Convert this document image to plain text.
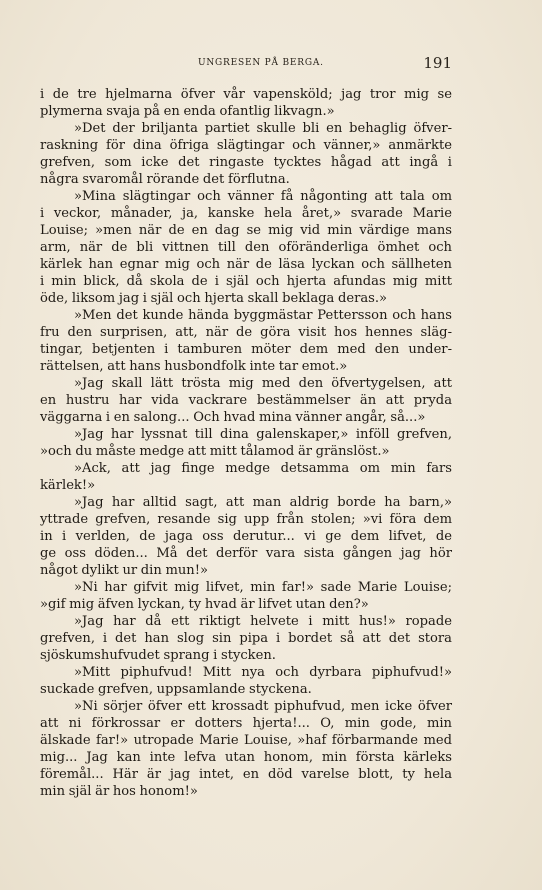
UNGRESEN PÅ BERGA.	191
i de tre hjelmarna öfver vår vapensköld; jag tror mig se
plymerna svaja på en enda ofantlig likvagn.»
»Det der briljanta partiet skulle bli en behaglig öfver-
raskning för dina öfriga slägtingar och vänner,» anmärkte
grefven, som icke det ringaste tycktes hågad att ingå i
några svaromål rörande det förflutna.
»Mina slägtingar och vänner få någonting att tala om
i veckor, månader, ja, kanske hela året,» svarade Marie
Louise; »men när de en dag se mig vid min värdige mans
arm, när de bli vittnen till den oföränderliga ömhet och
kärlek han egnar mig och när de läsa lyckan och sällheten
i min blick, då skola de i själ och hjerta afundas mig mitt
öde, liksom jag i själ och hjerta skall beklaga deras.»
»Men det kunde hända byggmästar Pettersson och hans
fru den surprisen, att, när de göra visit hos hennes släg-
tingar, betjenten i tamburen möter dem med den under-
rättelsen, att hans husbondfolk inte tar emot.»
»Jag skall lätt trösta mig med den öfvertygelsen, att
en hustru har vida vackrare bestämmelser än att pryda
väggarna i en salong... Och hvad mina vänner angår, så...»
»Jag har lyssnat till dina galenskaper,» inföll grefven,
»och du måste medge att mitt tålamod är gränslöst.»
»Ack, att jag finge medge detsamma om min fars
kärlek!»
»Jag har alltid sagt, att man aldrig borde ha barn,»
yttrade grefven, resande sig upp från stolen; »vi föra dem
in i verlden, de jaga oss derutur... vi ge dem lifvet, de
ge oss döden... Må det derför vara sista gången jag hör
något dylikt ur din mun!»
»Ni har gifvit mig lifvet, min far!» sade Marie Louise;
»gif mig äfven lyckan, ty hvad är lifvet utan den?»
»Jag har då ett riktigt helvete i mitt hus!» ropade
grefven, i det han slog sin pipa i bordet så att det stora
sjöskumshufvudet sprang i stycken.
»Mitt piphufvud! Mitt nya och dyrbara piphufvud!»
suckade grefven, uppsamlande styckena.
»Ni sörjer öfver ett krossadt piphufvud, men icke öfver
att ni förkrossar er dotters hjerta!... O, min gode, min
älskade far!» utropade Marie Louise, »haf förbarmande med
mig... Jag kan inte lefva utan honom, min första kärleks
föremål... Här är jag intet, en död varelse blott, ty hela
min själ är hos honom!»
